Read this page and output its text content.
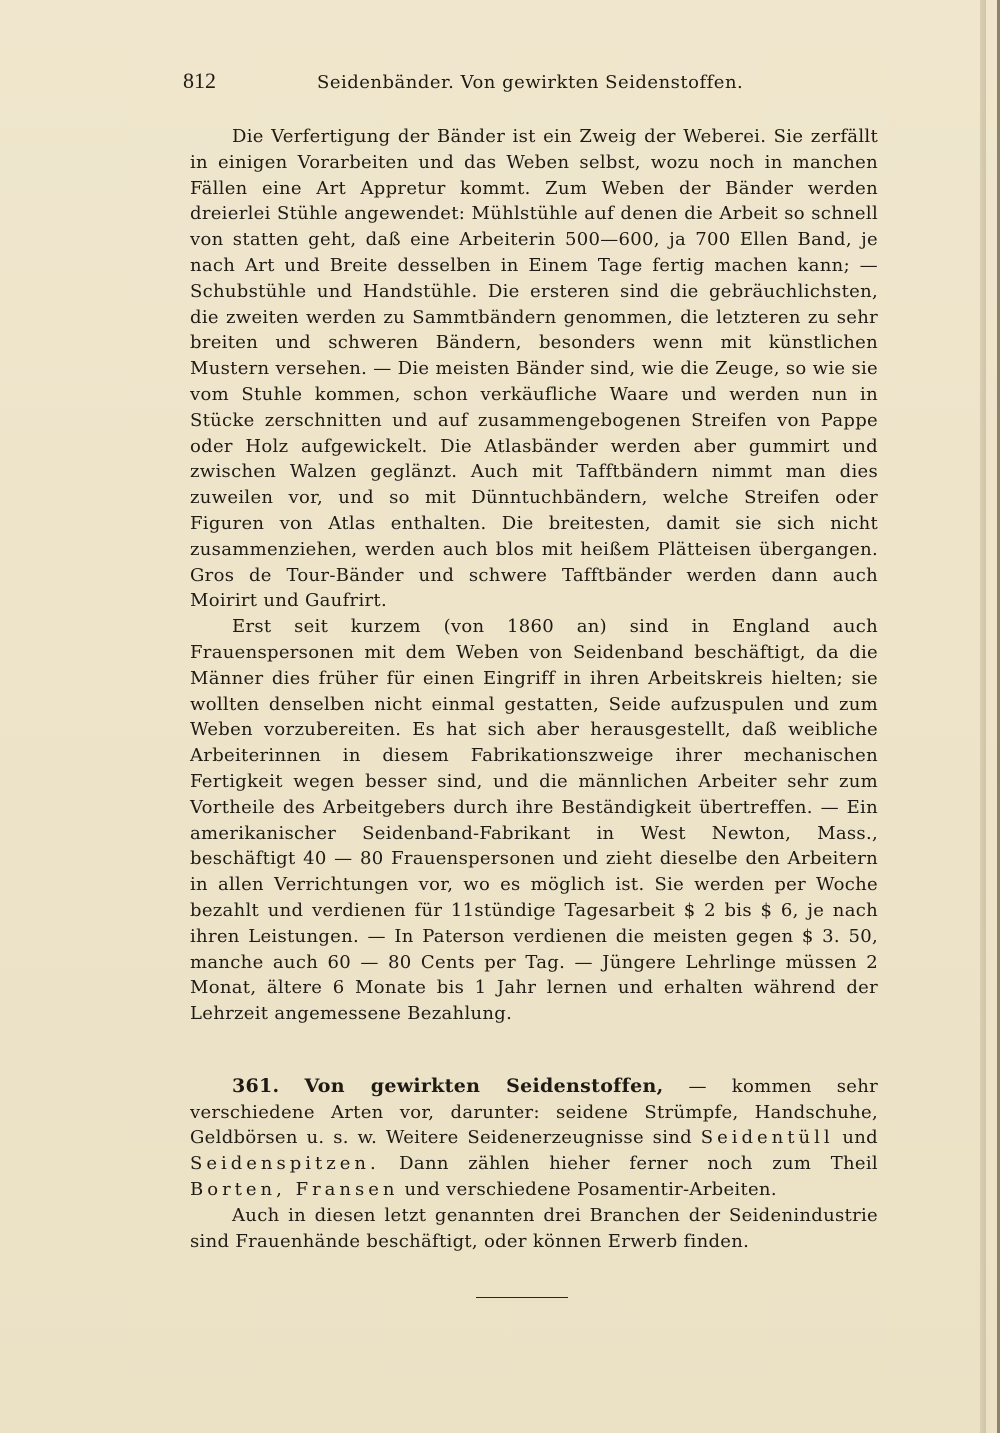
812	Seidenbänder. Von gewirkten Seidenstoffen.

Die Verfertigung der Bänder ist ein Zweig der Weberei. Sie zerfällt in einigen Vorarbeiten und das Weben selbst, wozu noch in manchen Fällen eine Art Appretur kommt. Zum Weben der Bänder werden dreierlei Stühle angewendet: Mühlstühle auf denen die Arbeit so schnell von statten geht, daß eine Arbeiterin 500—600, ja 700 Ellen Band, je nach Art und Breite desselben in Einem Tage fertig machen kann; — Schubstühle und Handstühle. Die ersteren sind die gebräuchlichsten, die zweiten werden zu Sammtbändern genommen, die letzteren zu sehr breiten und schweren Bändern, besonders wenn mit künstlichen Mustern versehen. — Die meisten Bänder sind, wie die Zeuge, so wie sie vom Stuhle kommen, schon verkäufliche Waare und werden nun in Stücke zerschnitten und auf zusammengebogenen Streifen von Pappe oder Holz aufgewickelt. Die Atlasbänder werden aber gummirt und zwischen Walzen geglänzt. Auch mit Tafftbändern nimmt man dies zuweilen vor, und so mit Dünntuchbändern, welche Streifen oder Figuren von Atlas enthalten. Die breitesten, damit sie sich nicht zusammenziehen, werden auch blos mit heißem Plätteisen übergangen. Gros de Tour-Bänder und schwere Tafftbänder werden dann auch Moirirt und Gaufrirt.

Erst seit kurzem (von 1860 an) sind in England auch Frauenspersonen mit dem Weben von Seidenband beschäftigt, da die Männer dies früher für einen Eingriff in ihren Arbeitskreis hielten; sie wollten denselben nicht einmal gestatten, Seide aufzuspulen und zum Weben vorzubereiten. Es hat sich aber herausgestellt, daß weibliche Arbeiterinnen in diesem Fabrikationszweige ihrer mechanischen Fertigkeit wegen besser sind, und die männlichen Arbeiter sehr zum Vortheile des Arbeitgebers durch ihre Beständigkeit übertreffen. — Ein amerikanischer Seidenband-Fabrikant in West Newton, Mass., beschäftigt 40 — 80 Frauenspersonen und zieht dieselbe den Arbeitern in allen Verrichtungen vor, wo es möglich ist. Sie werden per Woche bezahlt und verdienen für 11stündige Tagesarbeit $ 2 bis $ 6, je nach ihren Leistungen. — In Paterson verdienen die meisten gegen $ 3. 50, manche auch 60 — 80 Cents per Tag. — Jüngere Lehrlinge müssen 2 Monat, ältere 6 Monate bis 1 Jahr lernen und erhalten während der Lehrzeit angemessene Bezahlung.

361. Von gewirkten Seidenstoffen, — kommen sehr verschiedene Arten vor, darunter: seidene Strümpfe, Handschuhe, Geldbörsen u. s. w. Weitere Seidenerzeugnisse sind Seidentüll und Seidenspitzen. Dann zählen hieher ferner noch zum Theil Borten, Fransen und verschiedene Posamentir-Arbeiten.

Auch in diesen letzt genannten drei Branchen der Seidenindustrie sind Frauenhände beschäftigt, oder können Erwerb finden.
